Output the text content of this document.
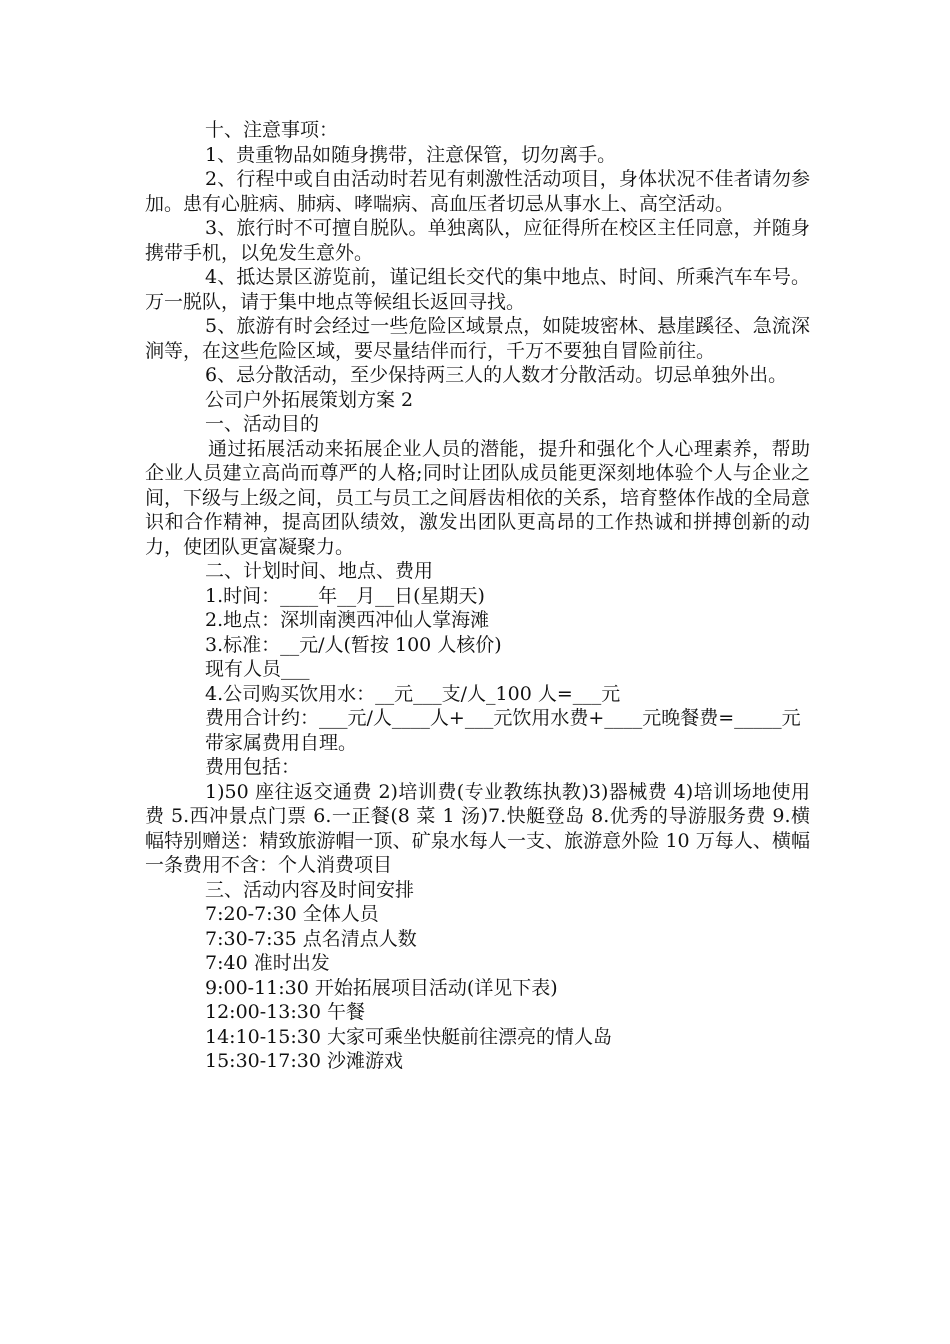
十、注意事项：

1、贵重物品如随身携带，注意保管，切勿离手。

2、行程中或自由活动时若见有刺激性活动项目，身体状况不佳者请勿参加。患有心脏病、肺病、哮喘病、高血压者切忌从事水上、高空活动。

3、旅行时不可擅自脱队。单独离队，应征得所在校区主任同意，并随身携带手机，以免发生意外。

4、抵达景区游览前，谨记组长交代的集中地点、时间、所乘汽车车号。万一脱队，请于集中地点等候组长返回寻找。

5、旅游有时会经过一些危险区域景点，如陡坡密林、悬崖蹊径、急流深涧等，在这些危险区域，要尽量结伴而行，千万不要独自冒险前往。

6、忌分散活动，至少保持两三人的人数才分散活动。切忌单独外出。

公司户外拓展策划方案 2

一、活动目的

通过拓展活动来拓展企业人员的潜能，提升和强化个人心理素养，帮助企业人员建立高尚而尊严的人格;同时让团队成员能更深刻地体验个人与企业之间，下级与上级之间，员工与员工之间唇齿相依的关系，培育整体作战的全局意识和合作精神，提高团队绩效，激发出团队更高昂的工作热诚和拼搏创新的动力，使团队更富凝聚力。

二、计划时间、地点、费用

1.时间：____年__月__日(星期天)

2.地点：深圳南澳西冲仙人掌海滩

3.标准：__元/人(暂按 100 人核价)

现有人员___

4.公司购买饮用水：__元___支/人_100 人=___元

费用合计约：___元/人____人+___元饮用水费+____元晚餐费=_____元

带家属费用自理。

费用包括：

1)50 座往返交通费 2)培训费(专业教练执教)3)器械费 4)培训场地使用费 5.西冲景点门票 6.一正餐(8 菜 1 汤)7.快艇登岛 8.优秀的导游服务费 9.横幅特别赠送：精致旅游帽一顶、矿泉水每人一支、旅游意外险 10 万每人、横幅一条费用不含：个人消费项目

三、活动内容及时间安排

7:20-7:30 全体人员

7:30-7:35 点名清点人数

7:40 准时出发

9:00-11:30 开始拓展项目活动(详见下表)

12:00-13:30 午餐

14:10-15:30 大家可乘坐快艇前往漂亮的情人岛

15:30-17:30 沙滩游戏
